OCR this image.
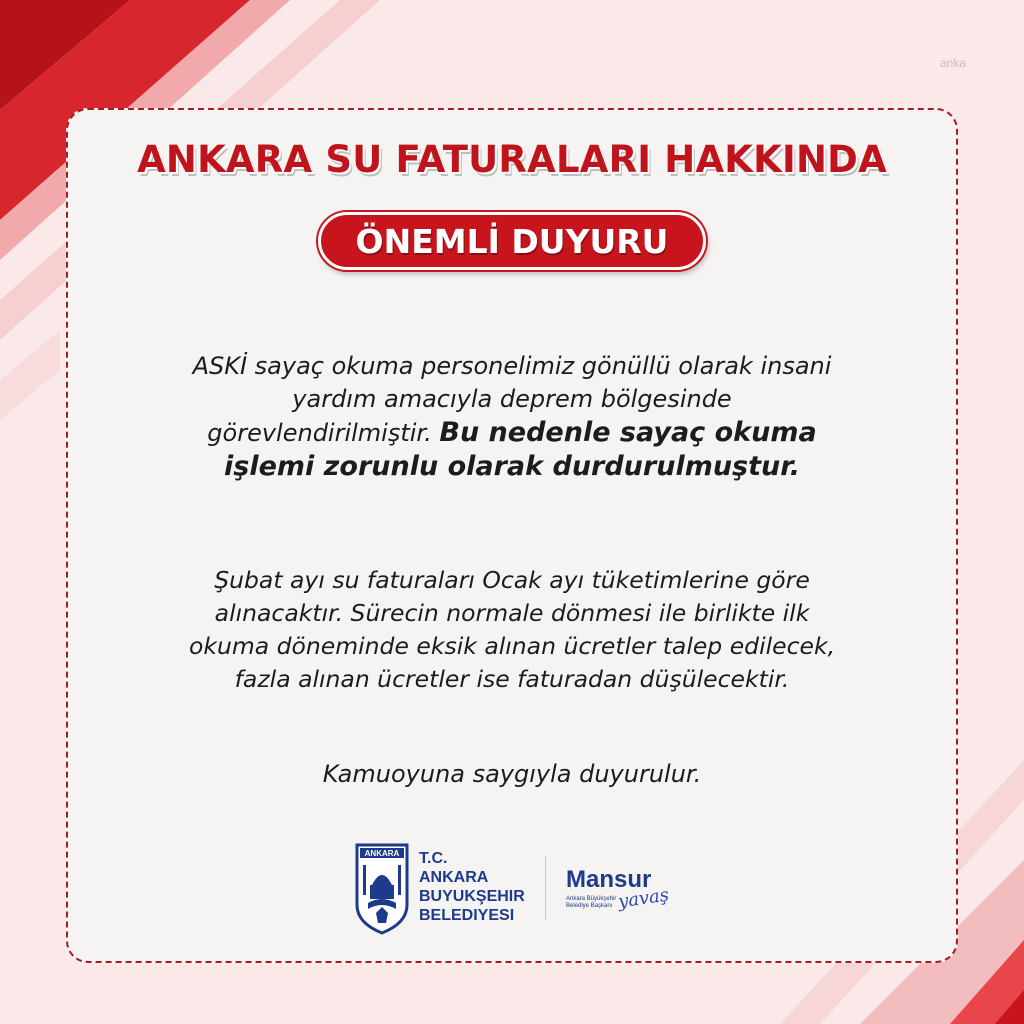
anka
ANKARA SU FATURALARI HAKKINDA
ÖNEMLİ DUYURU

ASKİ sayaç okuma personelimiz gönüllü olarak insani
yardım amacıyla deprem bölgesinde
görevlendirilmiştir. Bu nedenle sayaç okuma
işlemi zorunlu olarak durdurulmuştur.

Şubat ayı su faturaları Ocak ayı tüketimlerine göre
alınacaktır. Sürecin normale dönmesi ile birlikte ilk
okuma döneminde eksik alınan ücretler talep edilecek,
fazla alınan ücretler ise faturadan düşülecektir.

Kamuoyuna saygıyla duyurulur.

ANKARA T.C.
ANKARA
BUYUKŞEHIR
BELEDIYESI
Mansur
Ankara Büyükşehir
Belediye Başkanı yavaş
